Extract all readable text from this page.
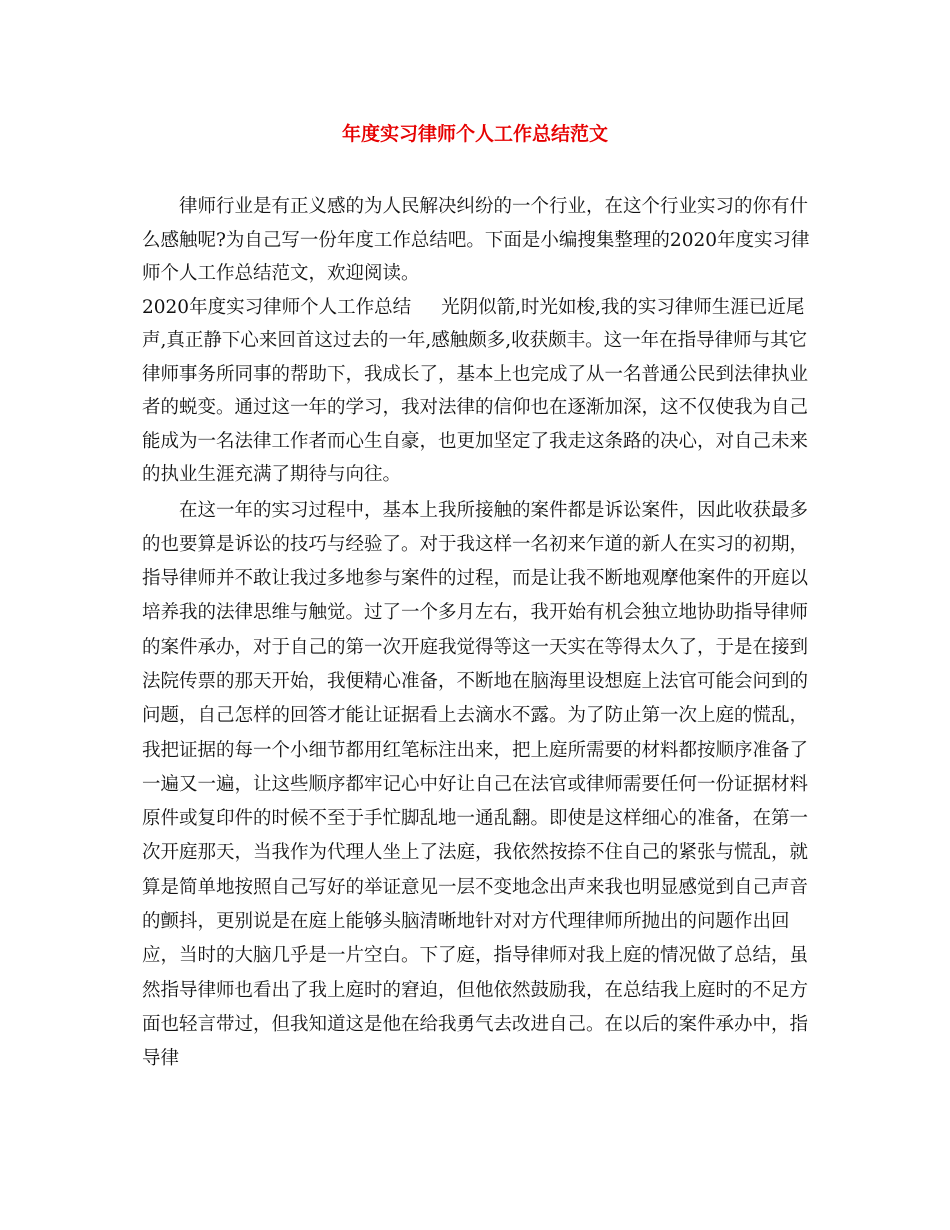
年度实习律师个人工作总结范文

律师行业是有正义感的为人民解决纠纷的一个行业，在这个行业实习的你有什么感触呢?为自己写一份年度工作总结吧。下面是小编搜集整理的2020年度实习律师个人工作总结范文，欢迎阅读。

2020年度实习律师个人工作总结 光阴似箭,时光如梭,我的实习律师生涯已近尾声,真正静下心来回首这过去的一年,感触颇多,收获颇丰。这一年在指导律师与其它律师事务所同事的帮助下，我成长了，基本上也完成了从一名普通公民到法律执业者的蜕变。通过这一年的学习，我对法律的信仰也在逐渐加深，这不仅使我为自己能成为一名法律工作者而心生自豪，也更加坚定了我走这条路的决心，对自己未来的执业生涯充满了期待与向往。

在这一年的实习过程中，基本上我所接触的案件都是诉讼案件，因此收获最多的也要算是诉讼的技巧与经验了。对于我这样一名初来乍道的新人在实习的初期，指导律师并不敢让我过多地参与案件的过程，而是让我不断地观摩他案件的开庭以培养我的法律思维与触觉。过了一个多月左右，我开始有机会独立地协助指导律师的案件承办，对于自己的第一次开庭我觉得等这一天实在等得太久了，于是在接到法院传票的那天开始，我便精心准备，不断地在脑海里设想庭上法官可能会问到的问题，自己怎样的回答才能让证据看上去滴水不露。为了防止第一次上庭的慌乱，我把证据的每一个小细节都用红笔标注出来，把上庭所需要的材料都按顺序准备了一遍又一遍，让这些顺序都牢记心中好让自己在法官或律师需要任何一份证据材料原件或复印件的时候不至于手忙脚乱地一通乱翻。即使是这样细心的准备，在第一次开庭那天，当我作为代理人坐上了法庭，我依然按捺不住自己的紧张与慌乱，就算是简单地按照自己写好的举证意见一层不变地念出声来我也明显感觉到自己声音的颤抖，更别说是在庭上能够头脑清晰地针对对方代理律师所抛出的问题作出回应，当时的大脑几乎是一片空白。下了庭，指导律师对我上庭的情况做了总结，虽然指导律师也看出了我上庭时的窘迫，但他依然鼓励我，在总结我上庭时的不足方面也轻言带过，但我知道这是他在给我勇气去改进自己。在以后的案件承办中，指导律
